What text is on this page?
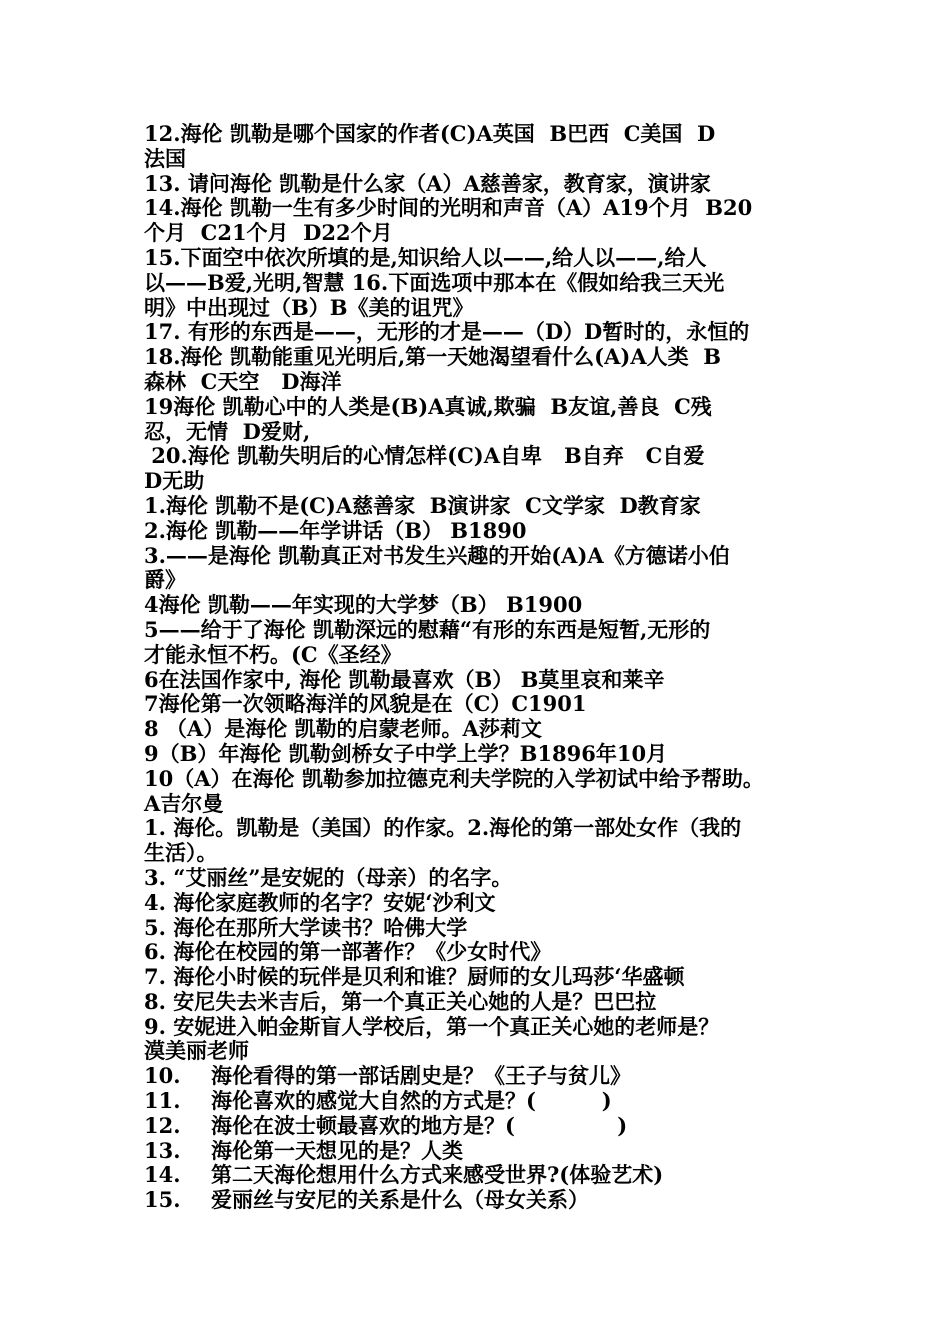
12.海伦 凯勒是哪个国家的作者(C)A英国  B巴西  C美国  D
法国
13. 请问海伦 凯勒是什么家（A）A慈善家，教育家，演讲家
14.海伦 凯勒一生有多少时间的光明和声音（A）A19个月  B20
个月  C21个月  D22个月
15.下面空中依次所填的是,知识给人以——,给人以——,给人
以——B爱,光明,智慧 16.下面选项中那本在《假如给我三天光
明》中出现过（B）B《美的诅咒》
17. 有形的东西是——，无形的才是——（D）D暂时的，永恒的
18.海伦 凯勒能重见光明后,第一天她渴望看什么(A)A人类  B
森林  C天空   D海洋
19海伦 凯勒心中的人类是(B)A真诚,欺骗  B友谊,善良  C残
忍，无情  D爱财,
20.海伦 凯勒失明后的心情怎样(C)A自卑   B自弃   C自爱
D无助
1.海伦 凯勒不是(C)A慈善家  B演讲家  C文学家  D教育家
2.海伦 凯勒——年学讲话（B） B1890
3.——是海伦 凯勒真正对书发生兴趣的开始(A)A《方德诺小伯
爵》
4海伦 凯勒——年实现的大学梦（B） B1900
5——给于了海伦 凯勒深远的慰藉“有形的东西是短暂,无形的
才能永恒不朽。(C《圣经》
6在法国作家中, 海伦 凯勒最喜欢（B） B莫里哀和莱辛
7海伦第一次领略海洋的风貌是在（C）C1901
8 （A）是海伦 凯勒的启蒙老师。A莎莉文
9（B）年海伦 凯勒剑桥女子中学上学？B1896年10月
10（A）在海伦 凯勒参加拉德克利夫学院的入学初试中给予帮助。
A吉尔曼
1. 海伦。凯勒是（美国）的作家。2.海伦的第一部处女作（我的
生活）。
3. “艾丽丝”是安妮的（母亲）的名字。
4. 海伦家庭教师的名字？安妮‘沙利文
5. 海伦在那所大学读书？哈佛大学
6. 海伦在校园的第一部著作？《少女时代》
7. 海伦小时候的玩伴是贝利和谁？厨师的女儿玛莎‘华盛顿
8. 安尼失去米吉后，第一个真正关心她的人是？巴巴拉
9. 安妮进入帕金斯盲人学校后，第一个真正关心她的老师是？
漠美丽老师
10.	海伦看得的第一部话剧史是？《王子与贫儿》
11.	海伦喜欢的感觉大自然的方式是？(         )
12.	海伦在波士顿最喜欢的地方是？(              )
13.	海伦第一天想见的是？人类
14.	第二天海伦想用什么方式来感受世界?(体验艺术)
15.	爱丽丝与安尼的关系是什么（母女关系）
